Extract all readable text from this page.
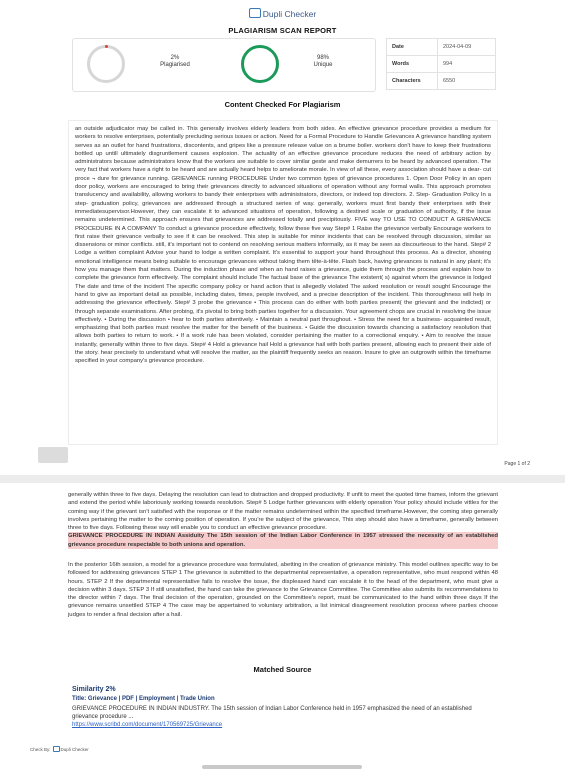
Dupli Checker
PLAGIARISM SCAN REPORT
2%
Plagiarised
98%
Unique
Date	2024-04-09
Words	994
Characters	6550
Content Checked For Plagiarism
an outside adjudicator may be called in. This generally involves elderly leaders from both sides. An effective grievance procedure provides a medium for workers to resolve enterprises, potentially precluding serious issues or action. Need for a Formal Procedure to Handle Grievances A grievance handling system serves as an outlet for hand frustrations, discontents, and gripes like a pressure release value on a brume boiler. workers don't have to keep their frustrations bottled up untill ultimately disgruntlement causes explosion. The actuality of an effective grievance procedure reduces the need of arbitrary action by administrators because administrators know that the workers are suitable to cover similar geste and make demurrers to be heard by advanced operation. The very fact that workers have a right to be heard and are actually heard helps to ameliorate morale. In view of all these, every association should have a dear- cut proce ¬ dure for grievance running. GRIEVANCE running PROCEDURE Under two common types of grievance procedures 1. Open Door Policy in an open door policy, workers are encouraged to bring their grievances directly to advanced situations of operation without any formal walls. This approach promotes translucency and availability, allowing workers to bandy their enterprises with administrators, directors, or indeed top directors. 2. Step- Graduation Policy In a step- graduation policy, grievances are addressed through a structured series of way. generally, workers must first bandy their enterprises with their immediatesupervisor.However, they can escalate it to advanced situations of operation, following a destined scale or graduation of authority, if the issue remains undetermined. This approach ensures that grievances are addressed totally and precipitously. FIVE way TO USE TO CONDUCT A GRIEVANCE PROCEDURE IN A COMPANY To conduct a grievance procedure effectively, follow these five way Step# 1 Raise the grievance verbally Encourage workers to first raise their grievance verbally to see if it can be resolved. This step is suitable for minor incidents that can be resolved through discussion, similar as dissensions or minor conflicts. still, it's important not to contend on resolving serious matters informally, as it may be seen as discourteous to the hand. Step# 2 Lodge a written complaint Advise your hand to lodge a written complaint. It's essential to support your hand throughout this process. As a director, showing emotional intelligence means being suitable to encourage grievances without taking them tête-à-tête. Flash back, having grievances is natural in any plant; it's how you manage them that matters. During the induction phase and when an hand raises a grievance, guide them through the process and explain how to complete the grievance form effectively. The complaint should include The factual base of the grievance The existent( s) against whom the grievance is lodged The date and time of the incident The specific company policy or hand action that is allegedly violated The asked resolution or result sought Encourage the hand to give as important detail as possible, including dates, times, people involved, and a precise description of the incident. This thoroughness will help in addressing the grievance effectively. Step# 3 probe the grievance • This process can do either with both parties present( the grievant and the indicted) or through separate examinations. After probing, it's pivotal to bring both parties together for a discussion. Your agreement chops are crucial in resolving the issue effectively. • During the discussion • hear to both parties attentively. • Maintain a neutral part throughout. • Stress the need for a business- acquainted result, emphasizing that both parties must resolve the matter for the benefit of the business. • Guide the discussion towards chancing a satisfactory resolution that allows both parties to return to work. • If a work rule has been violated, consider pertaining the matter to a correctional enquiry. • Aim to resolve the issue instantly, generally within three to five days. Step# 4 Hold a grievance hail Hold a grievance hail with both parties present, allowing each to present their side of the story. hear precisely to understand what will resolve the matter, as the plaintiff frequently seeks an reason. Insure to give an outgrowth within the timeframe specified in your company's grievance procedure.
Page 1 of 2
generally within three to five days. Delaying the resolution can lead to distraction and dropped productivity. If unfit to meet the quoted time frames, inform the grievant and extend the period while laboriously working towards resolution. Step# 5 Lodge further grievances with elderly operation Your policy should include vittles for the coming way if the grievant isn't satisfied with the response or if the matter remains undetermined within the specified timeframe.However, the coming step generally involves pertaining the matter to the coming position of operation. If you're the subject of the grievance, This step should also have a timeframe, generally between three to five days. Following these way will enable you to conduct an effective grievance procedure.
GRIEVANCE PROCEDURE IN INDIAN Assiduity The 15th session of the Indian Labor Conference in 1957 stressed the necessity of an established grievance procedure respectable to both unions and operation.
In the posterior 16th session, a model for a grievance procedure was formulated, abetting in the creation of grievance ministry. This model outlines specific way to be followed for addressing grievances STEP 1 The grievance is submitted to the departmental representative, a operation representative, who must respond within 48 hours. STEP 2 If the departmental representative fails to resolve the issue, the displeased hand can escalate it to the head of the department, who must give a decision within 3 days. STEP 3 If still unsatisfied, the hand can take the grievance to the Grievance Committee. The Committee also submits its recommendations to the director within 7 days. The final decision of the operation, grounded on the Committee's report, must be communicated to the hand within three days If the grievance remains unsettled STEP 4 The case may be appertained to voluntary arbitration, a list inimical disagreement resolution process where parties choose judges to render a final decision after a hail.
Matched Source
Similarity 2%
Title: Grievance | PDF | Employment | Trade Union
GRIEVANCE PROCEDURE IN INDIAN INDUSTRY. The 15th session of Indian Labor Conference held in 1957 emphasized the need of an established grievance procedure ...
https://www.scribd.com/document/170569725/Grievance
Check By: Dupli Checker
